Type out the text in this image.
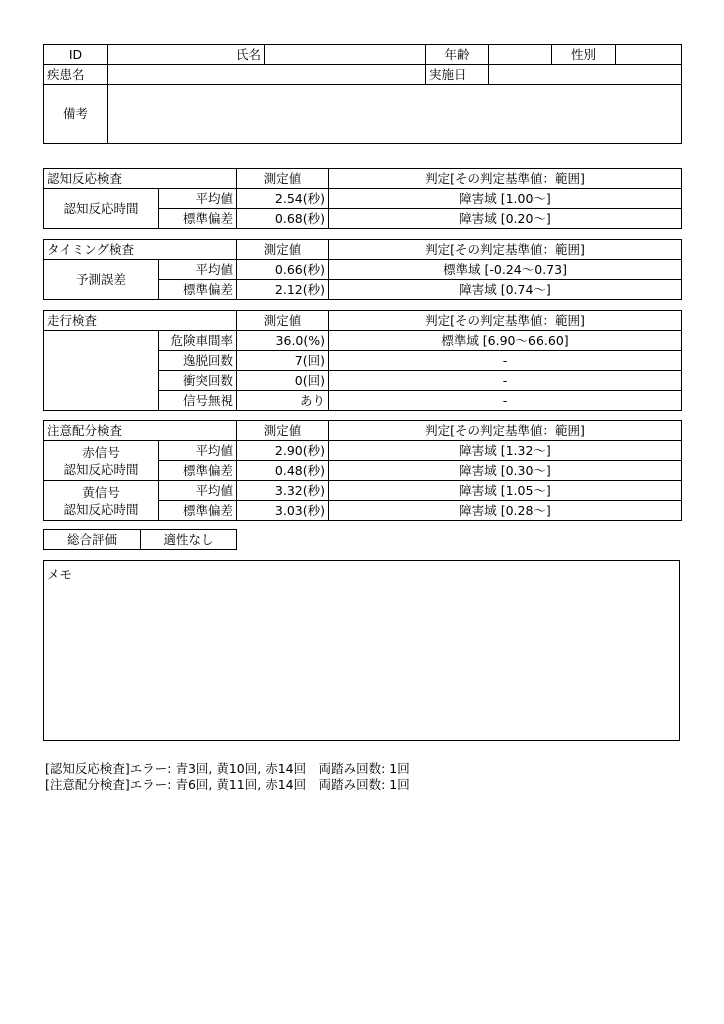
ID	氏名		年齢		性別	
疾患名			実施日			
備考						
認知反応検査		測定値	判定[その判定基準値：範囲]
認知反応時間	平均値	2.54(秒)	障害域 [1.00～]
	標準偏差	0.68(秒)	障害域 [0.20～]
タイミング検査		測定値	判定[その判定基準値：範囲]
予測誤差	平均値	0.66(秒)	標準域 [-0.24～0.73]
	標準偏差	2.12(秒)	障害域 [0.74～]
走行検査		測定値	判定[その判定基準値：範囲]
	危険車間率	36.0(%)	標準域 [6.90～66.60]
	逸脱回数	7(回)	-
	衝突回数	0(回)	-
	信号無視	あり	-
注意配分検査		測定値	判定[その判定基準値：範囲]
赤信号
認知反応時間	平均値	2.90(秒)	障害域 [1.32～]
	標準偏差	0.48(秒)	障害域 [0.30～]
黄信号
認知反応時間	平均値	3.32(秒)	障害域 [1.05～]
	標準偏差	3.03(秒)	障害域 [0.28～]
総合評価	適性なし
メモ
[認知反応検査]エラー: 青3回, 黄10回, 赤14回　両踏み回数: 1回
[注意配分検査]エラー: 青6回, 黄11回, 赤14回　両踏み回数: 1回
